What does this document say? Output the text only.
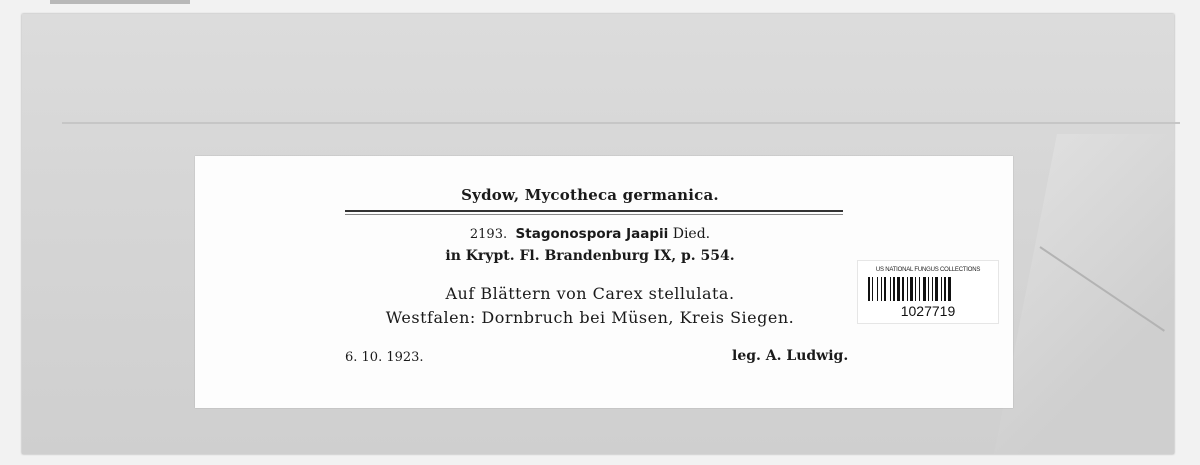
Sydow, Mycotheca germanica.
2193. Stagonospora Jaapii Died.
in Krypt. Fl. Brandenburg IX, p. 554.
Auf Blättern von Carex stellulata.
Westfalen: Dornbruch bei Müsen, Kreis Siegen.
6. 10. 1923.	leg. A. Ludwig.
US NATIONAL FUNGUS COLLECTIONS
1027719
